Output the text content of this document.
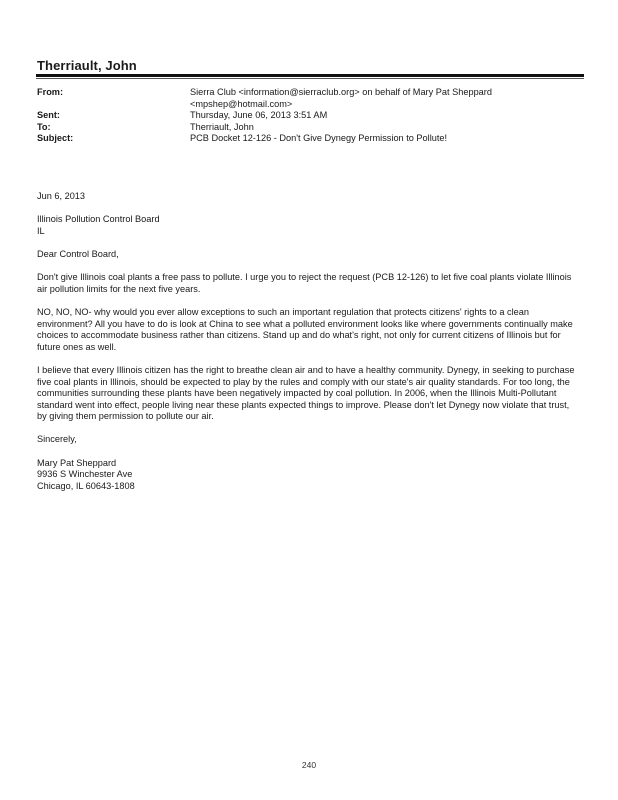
Therriault, John
From:	Sierra Club <information@sierraclub.org> on behalf of Mary Pat Sheppard
<mpshep@hotmail.com>
Sent:	Thursday, June 06, 2013 3:51 AM
To:	Therriault, John
Subject:	PCB Docket 12-126 - Don't Give Dynegy Permission to Pollute!

Jun 6, 2013

Illinois Pollution Control Board
IL

Dear Control Board,

Don't give Illinois coal plants a free pass to pollute. I urge you to reject the request (PCB 12-126) to let five coal plants violate Illinois air pollution limits for the next five years.

NO, NO, NO- why would you ever allow exceptions to such an important regulation that protects citizens' rights to a clean environment? All you have to do is look at China to see what a polluted environment looks like where governments continually make choices to accommodate business rather than citizens. Stand up and do what's right, not only for current citizens of Illinois but for future ones as well.

I believe that every Illinois citizen has the right to breathe clean air and to have a healthy community. Dynegy, in seeking to purchase five coal plants in Illinois, should be expected to play by the rules and comply with our state's air quality standards. For too long, the communities surrounding these plants have been negatively impacted by coal pollution. In 2006, when the Illinois Multi-Pollutant standard went into effect, people living near these plants expected things to improve. Please don't let Dynegy now violate that trust, by giving them permission to pollute our air.

Sincerely,

Mary Pat Sheppard
9936 S Winchester Ave
Chicago, IL 60643-1808

240
